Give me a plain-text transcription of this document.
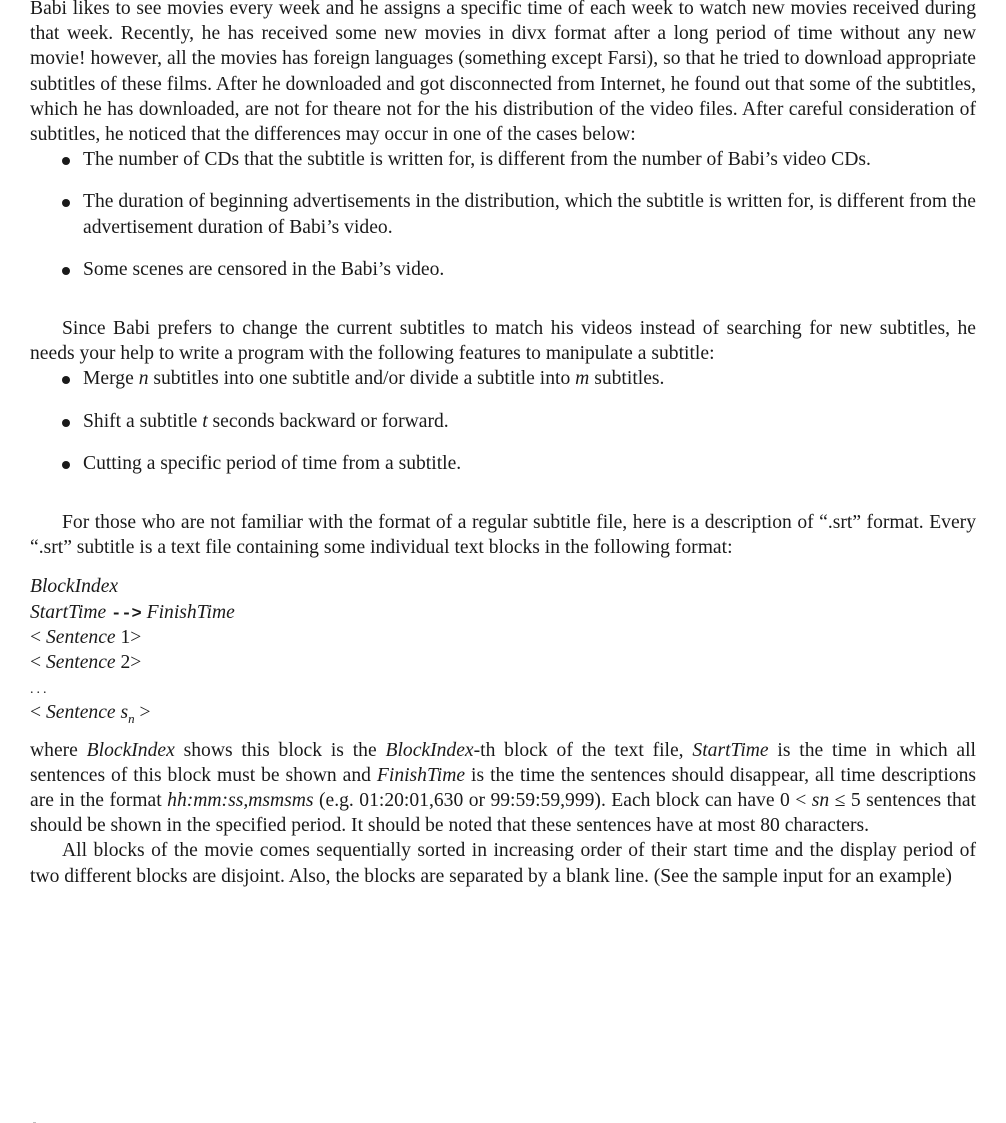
Babi likes to see movies every week and he assigns a specific time of each week to watch new movies received during that week. Recently, he has received some new movies in divx format after a long period of time without any new movie! however, all the movies has foreign languages (something except Farsi), so that he tried to download appropriate subtitles of these films. After he downloaded and got disconnected from Internet, he found out that some of the subtitles, which he has downloaded, are not for theare not for the his distribution of the video files. After careful consideration of subtitles, he noticed that the differences may occur in one of the cases below:

The number of CDs that the subtitle is written for, is different from the number of Babi’s video CDs.
The duration of beginning advertisements in the distribution, which the subtitle is written for, is different from the advertisement duration of Babi’s video.
Some scenes are censored in the Babi’s video.

Since Babi prefers to change the current subtitles to match his videos instead of searching for new subtitles, he needs your help to write a program with the following features to manipulate a subtitle:

Merge n subtitles into one subtitle and/or divide a subtitle into m subtitles.
Shift a subtitle t seconds backward or forward.
Cutting a specific period of time from a subtitle.

For those who are not familiar with the format of a regular subtitle file, here is a description of “.srt” format. Every “.srt” subtitle is a text file containing some individual text blocks in the following format:

BlockIndex
StartTime --> FinishTime
< Sentence 1>
< Sentence 2>
...
< Sentence $s_n$ >

where BlockIndex shows this block is the BlockIndex-th block of the text file, StartTime is the time in which all sentences of this block must be shown and FinishTime is the time the sentences should disappear, all time descriptions are in the format hh:mm:ss,msmsms (e.g. 01:20:01,630 or 99:59:59,999). Each block can have 0 < sn ≤ 5 sentences that should be shown in the specified period. It should be noted that these sentences have at most 80 characters.

All blocks of the movie comes sequentially sorted in increasing order of their start time and the display period of two different blocks are disjoint. Also, the blocks are separated by a blank line. (See the sample input for an example)
